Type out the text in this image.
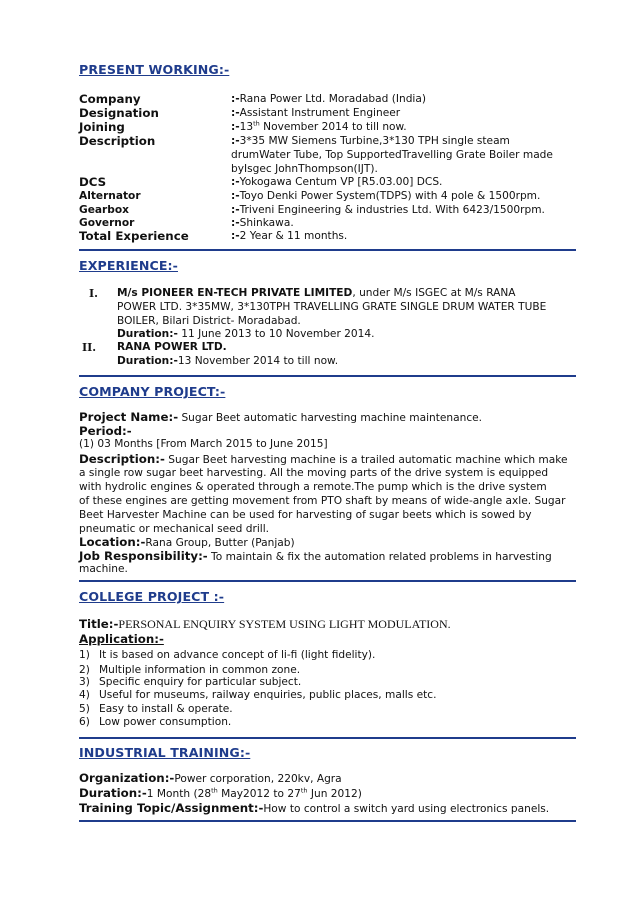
PRESENT WORKING:-
Company	:-Rana Power Ltd. Moradabad (India)
Designation	:-Assistant Instrument Engineer
Joining	:-13th November 2014 to till now.
Description	:-3*35 MW Siemens Turbine,3*130 TPH single steam
drumWater Tube, Top SupportedTravelling Grate Boiler made
byIsgec JohnThompson(IJT).
DCS	:-Yokogawa Centum VP [R5.03.00] DCS.
Alternator	:-Toyo Denki Power System(TDPS) with 4 pole & 1500rpm.
Gearbox	:-Triveni Engineering & industries Ltd. With 6423/1500rpm.
Governor	:-Shinkawa.
Total Experience	:-2 Year & 11 months.
EXPERIENCE:-
I. M/s PIONEER EN-TECH PRIVATE LIMITED, under M/s ISGEC at M/s RANA
POWER LTD. 3*35MW, 3*130TPH TRAVELLING GRATE SINGLE DRUM WATER TUBE
BOILER, Bilari District- Moradabad.
Duration:- 11 June 2013 to 10 November 2014.
II. RANA POWER LTD.
Duration:-13 November 2014 to till now.
COMPANY PROJECT:-
Project Name:- Sugar Beet automatic harvesting machine maintenance.
Period:-
(1) 03 Months [From March 2015 to June 2015]
Description:- Sugar Beet harvesting machine is a trailed automatic machine which make
a single row sugar beet harvesting. All the moving parts of the drive system is equipped
with hydrolic engines & operated through a remote.The pump which is the drive system
of these engines are getting movement from PTO shaft by means of wide-angle axle. Sugar
Beet Harvester Machine can be used for harvesting of sugar beets which is sowed by
pneumatic or mechanical seed drill.
Location:-Rana Group, Butter (Panjab)
Job Responsibility:- To maintain & fix the automation related problems in harvesting
machine.
COLLEGE PROJECT :-
Title:-PERSONAL ENQUIRY SYSTEM USING LIGHT MODULATION.
Application:-
1) It is based on advance concept of li-fi (light fidelity).
2) Multiple information in common zone.
3) Specific enquiry for particular subject.
4) Useful for museums, railway enquiries, public places, malls etc.
5) Easy to install & operate.
6) Low power consumption.
INDUSTRIAL TRAINING:-
Organization:-Power corporation, 220kv, Agra
Duration:-1 Month (28th May2012 to 27th Jun 2012)
Training Topic/Assignment:-How to control a switch yard using electronics panels.
